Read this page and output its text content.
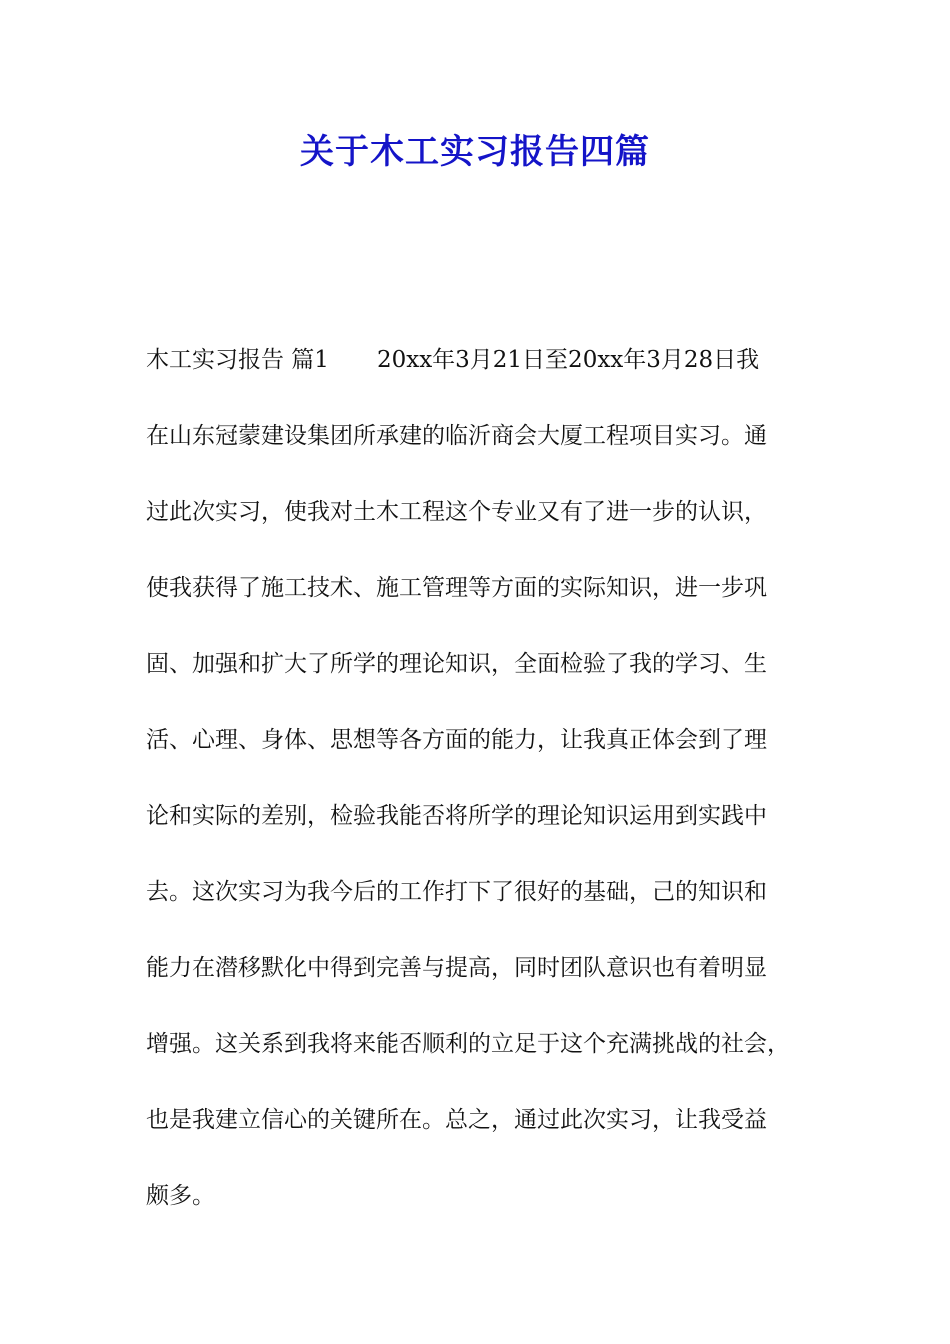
关于木工实习报告四篇
木工实习报告 篇1 20xx年3月21日至20xx年3月28日我
在山东冠蒙建设集团所承建的临沂商会大厦工程项目实习。通
过此次实习，使我对土木工程这个专业又有了进一步的认识，
使我获得了施工技术、施工管理等方面的实际知识，进一步巩
固、加强和扩大了所学的理论知识，全面检验了我的学习、生
活、心理、身体、思想等各方面的能力，让我真正体会到了理
论和实际的差别，检验我能否将所学的理论知识运用到实践中
去。这次实习为我今后的工作打下了很好的基础，己的知识和
能力在潜移默化中得到完善与提高，同时团队意识也有着明显
增强。这关系到我将来能否顺利的立足于这个充满挑战的社会，
也是我建立信心的关键所在。总之，通过此次实习，让我受益
颇多。
